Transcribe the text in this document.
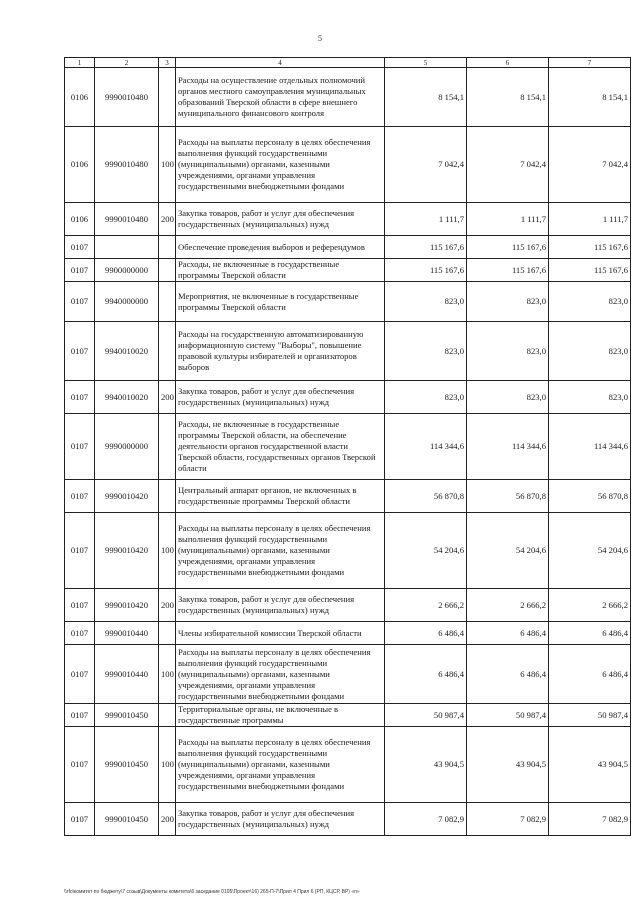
5
1	2	3	4	5	6	7
0106	9990010480		Расходы на осуществление отдельных полномочий органов местного самоуправления муниципальных образований Тверской области в сфере внешнего муниципального финансового контроля	8 154,1	8 154,1	8 154,1
0106	9990010480	100	Расходы на выплаты персоналу в целях обеспечения выполнения функций государственными (муниципальными) органами, казенными учреждениями, органами управления государственными внебюджетными фондами	7 042,4	7 042,4	7 042,4
0106	9990010480	200	Закупка товаров, работ и услуг для обеспечения государственных (муниципальных) нужд	1 111,7	1 111,7	1 111,7
0107			Обеспечение проведения выборов и референдумов	115 167,6	115 167,6	115 167,6
0107	9900000000		Расходы, не включенные в государственные программы Тверской области	115 167,6	115 167,6	115 167,6
0107	9940000000		Мероприятия, не включенные в государственные программы Тверской области	823,0	823,0	823,0
0107	9940010020		Расходы на государственную автоматизированную информационную систему "Выборы", повышение правовой культуры избирателей и организаторов выборов	823,0	823,0	823,0
0107	9940010020	200	Закупка товаров, работ и услуг для обеспечения государственных (муниципальных) нужд	823,0	823,0	823,0
0107	9990000000		Расходы, не включенные в государственные программы Тверской области, на обеспечение деятельности органов государственной власти Тверской области, государственных органов Тверской области	114 344,6	114 344,6	114 344,6
0107	9990010420		Центральный аппарат органов, не включенных в государственные программы Тверской области	56 870,8	56 870,8	56 870,8
0107	9990010420	100	Расходы на выплаты персоналу в целях обеспечения выполнения функций государственными (муниципальными) органами, казенными учреждениями, органами управления государственными внебюджетными фондами	54 204,6	54 204,6	54 204,6
0107	9990010420	200	Закупка товаров, работ и услуг для обеспечения государственных (муниципальных) нужд	2 666,2	2 666,2	2 666,2
0107	9990010440		Члены избирательной комиссии Тверской области	6 486,4	6 486,4	6 486,4
0107	9990010440	100	Расходы на выплаты персоналу в целях обеспечения выполнения функций государственными (муниципальными) органами, казенными учреждениями, органами управления государственными внебюджетными фондами	6 486,4	6 486,4	6 486,4
0107	9990010450		Территориальные органы, не включенные в государственные программы	50 987,4	50 987,4	50 987,4
0107	9990010450	100	Расходы на выплаты персоналу в целях обеспечения выполнения функций государственными (муниципальными) органами, казенными учреждениями, органами управления государственными внебюджетными фондами	43 904,5	43 904,5	43 904,5
0107	9990010450	200	Закупка товаров, работ и услуг для обеспечения государственных (муниципальных) нужд	7 082,9	7 082,9	7 082,9
\\rfo\комитет по бюджету\7 созыв\Документы комитета\6 заседание 0105\Проект\16) 265-П-7\Прил 4 Прил 6 (РП, КЦСР, ВР) «п»
